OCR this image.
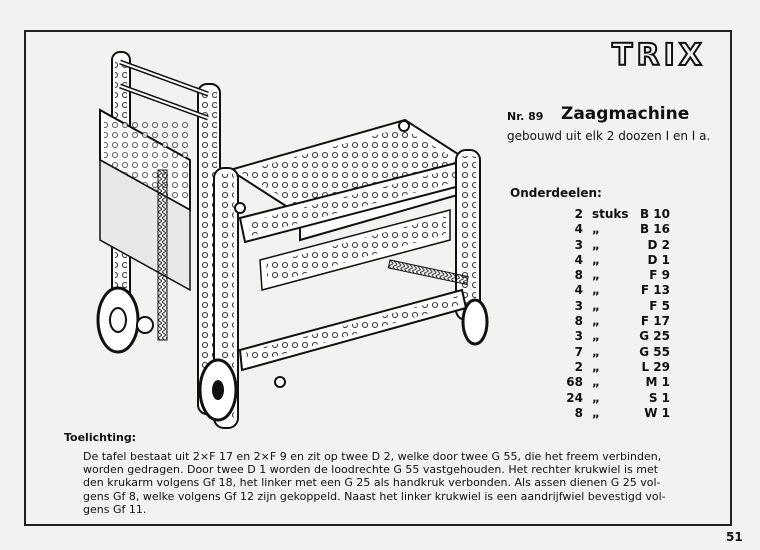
TRIX
Nr. 89 Zaagmachine
gebouwd uit elk 2 doozen I en I a.
Onderdeelen:
2 stuks B 10
4 „	B 16
3 „	D 2
4 „	D 1
8 „	F 9
4 „	F 13
3 „	F 5
8 „	F 17
3 „	G 25
7 „	G 55
2 „	L 29
68 „	M 1
24 „	S 1
8 „	W 1
Toelichting:
De tafel bestaat uit 2×F 17 en 2×F 9 en zit op twee D 2, welke door twee G 55, die het freem verbinden,
worden gedragen. Door twee D 1 worden de loodrechte G 55 vastgehouden. Het rechter krukwiel is met
den krukarm volgens Gf 18, het linker met een G 25 als handkruk verbonden. Als assen dienen G 25 vol-
gens Gf 8, welke volgens Gf 12 zijn gekoppeld. Naast het linker krukwiel is een aandrijfwiel bevestigd vol-
gens Gf 11.
51
